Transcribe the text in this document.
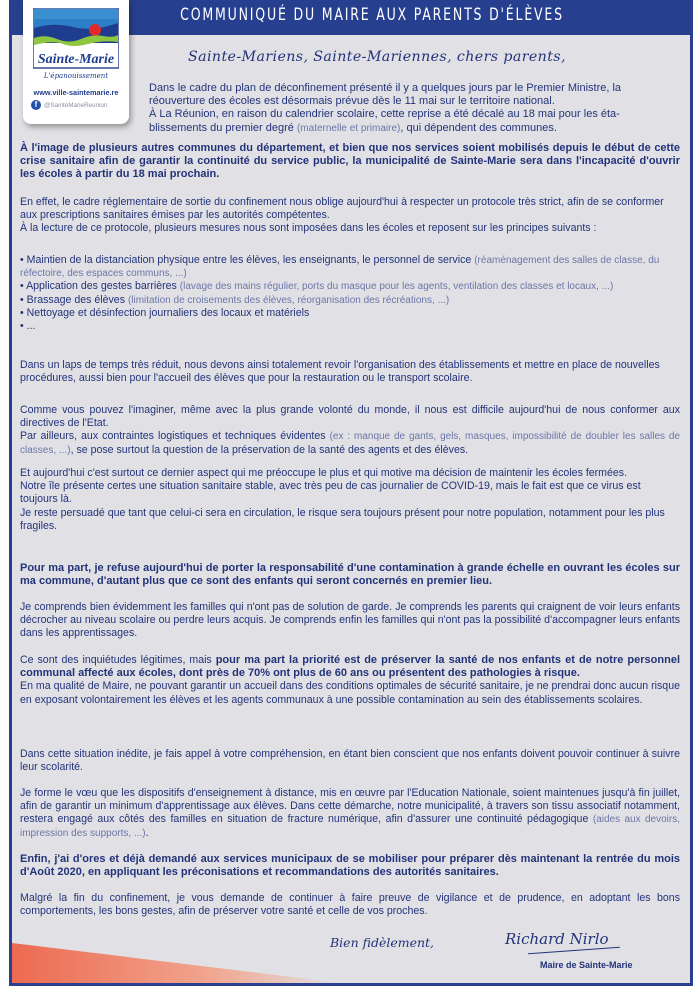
COMMUNIQUÉ DU MAIRE AUX PARENTS D'ÉLÈVES
Sainte-Marie
L'épanouissement
www.ville-saintemarie.re
f	@SainteMarieReunion
Sainte-Mariens, Sainte-Mariennes, chers parents,
Dans le cadre du plan de déconfinement présenté il y a quelques jours par le Premier Ministre, la
réouverture des écoles est désormais prévue dès le 11 mai sur le territoire national.
À La Réunion, en raison du calendrier scolaire, cette reprise a été décalé au 18 mai pour les éta-
blissements du premier degré (maternelle et primaire), qui dépendent des communes.
À l'image de plusieurs autres communes du département, et bien que nos services soient mobilisés depuis le début de cette crise sanitaire afin de garantir la continuité du service public, la municipalité de Sainte-Marie sera dans l'incapacité d'ouvrir les écoles à partir du 18 mai prochain.

En effet, le cadre réglementaire de sortie du confinement nous oblige aujourd'hui à respecter un protocole très strict, afin de se conformer aux prescriptions sanitaires émises par les autorités compétentes.

À la lecture de ce protocole, plusieurs mesures nous sont imposées dans les écoles et reposent sur les principes suivants :

• Maintien de la distanciation physique entre les élèves, les enseignants, le personnel de service (réaménagement des salles de classe, du réfectoire, des espaces communs, ...)

• Application des gestes barrières (lavage des mains régulier, ports du masque pour les agents, ventilation des classes et locaux, ...)

• Brassage des élèves (limitation de croisements des élèves, réorganisation des récréations, ...)

• Nettoyage et désinfection journaliers des locaux et matériels

• ...

Dans un laps de temps très réduit, nous devons ainsi totalement revoir l'organisation des établissements et mettre en place de nouvelles procédures, aussi bien pour l'accueil des élèves que pour la restauration ou le transport scolaire.

Comme vous pouvez l'imaginer, même avec la plus grande volonté du monde, il nous est difficile aujourd'hui de nous conformer aux directives de l'Etat.

Par ailleurs, aux contraintes logistiques et techniques évidentes (ex : manque de gants, gels, masques, impossibilité de doubler les salles de classes, ...), se pose surtout la question de la préservation de la santé des agents et des élèves.

Et aujourd'hui c'est surtout ce dernier aspect qui me préoccupe le plus et qui motive ma décision de maintenir les écoles fermées.

Notre île présente certes une situation sanitaire stable, avec très peu de cas journalier de COVID-19, mais le fait est que ce virus est toujours là.

Je reste persuadé que tant que celui-ci sera en circulation, le risque sera toujours présent pour notre population, notamment pour les plus fragiles.

Pour ma part, je refuse aujourd'hui de porter la responsabilité d'une contamination à grande échelle en ouvrant les écoles sur ma commune, d'autant plus que ce sont des enfants qui seront concernés en premier lieu.
Je comprends bien évidemment les familles qui n'ont pas de solution de garde. Je comprends les parents qui craignent de voir leurs enfants décrocher au niveau scolaire ou perdre leurs acquis. Je comprends enfin les familles qui n'ont pas la possibilité d'accompagner leurs enfants dans les apprentissages.

Ce sont des inquiétudes légitimes, mais pour ma part la priorité est de préserver la santé de nos enfants et de notre personnel communal affecté aux écoles, dont près de 70% ont plus de 60 ans ou présentent des pathologies à risque.

En ma qualité de Maire, ne pouvant garantir un accueil dans des conditions optimales de sécurité sanitaire, je ne prendrai donc aucun risque en exposant volontairement les élèves et les agents communaux à une possible contamination au sein des établissements scolaires.

Dans cette situation inédite, je fais appel à votre compréhension, en étant bien conscient que nos enfants doivent pouvoir continuer à suivre leur scolarité.
Je forme le vœu que les dispositifs d'enseignement à distance, mis en œuvre par l'Education Nationale, soient maintenues jusqu'à fin juillet, afin de garantir un minimum d'apprentissage aux élèves. Dans cette démarche, notre municipalité, à travers son tissu associatif notamment, restera engagé aux côtés des familles en situation de fracture numérique, afin d'assurer une continuité pédagogique (aides aux devoirs, impression des supports, ...).
Enfin, j'ai d'ores et déjà demandé aux services municipaux de se mobiliser pour préparer dès maintenant la rentrée du mois d'Août 2020, en appliquant les préconisations et recommandations des autorités sanitaires.
Malgré la fin du confinement, je vous demande de continuer à faire preuve de vigilance et de prudence, en adoptant les bons comportements, les bons gestes, afin de préserver votre santé et celle de vos proches.
Bien fidèlement,	Richard Nirlo
Maire de Sainte-Marie
